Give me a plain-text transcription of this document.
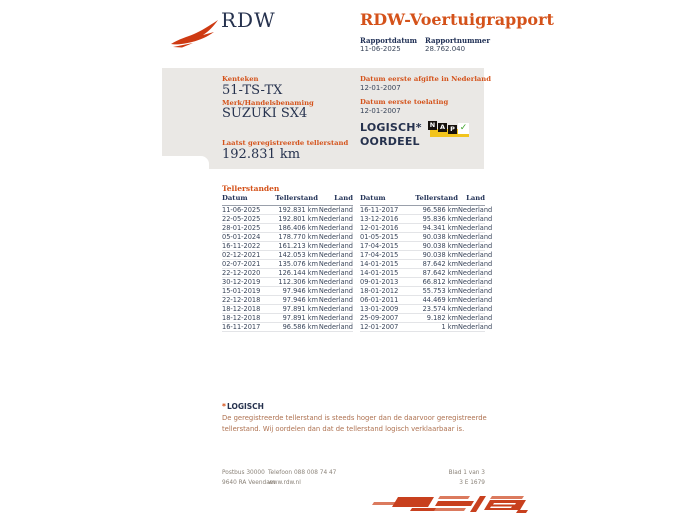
RDW	RDW-Voertuigrapport
Rapportdatum Rapportnummer
11-06-2025	28.762.040
Kenteken
51-TS-TX
Merk/Handelsbenaming
SUZUKI SX4
Laatst geregistreerde tellerstand
192.831 km
Datum eerste afgifte in Nederland
12-01-2007
Datum eerste toelating
12-01-2007
LOGISCH*
OORDEEL
N A P ✓
Tellerstanden
Datum	Tellerstand	Land
11-06-2025	192.831 km	Nederland
22-05-2025	192.801 km	Nederland
28-01-2025	186.406 km	Nederland
05-01-2024	178.770 km	Nederland
16-11-2022	161.213 km	Nederland
02-12-2021	142.053 km	Nederland
02-07-2021	135.076 km	Nederland
22-12-2020	126.144 km	Nederland
30-12-2019	112.306 km	Nederland
15-01-2019	97.946 km	Nederland
22-12-2018	97.946 km	Nederland
18-12-2018	97.891 km	Nederland
18-12-2018	97.891 km	Nederland
16-11-2017	96.586 km	Nederland
Datum	Tellerstand	Land
16-11-2017	96.586 km	Nederland
13-12-2016	95.836 km	Nederland
12-01-2016	94.341 km	Nederland
01-05-2015	90.038 km	Nederland
17-04-2015	90.038 km	Nederland
17-04-2015	90.038 km	Nederland
14-01-2015	87.642 km	Nederland
14-01-2015	87.642 km	Nederland
09-01-2013	66.812 km	Nederland
18-01-2012	55.753 km	Nederland
06-01-2011	44.469 km	Nederland
13-01-2009	23.574 km	Nederland
25-09-2007	9.182 km	Nederland
12-01-2007	1 km	Nederland
*LOGISCH
De geregistreerde tellerstand is steeds hoger dan de daarvoor geregistreerde tellerstand. Wij oordelen dan dat de tellerstand logisch verklaarbaar is.
Postbus 30000
9640 RA Veendam
Telefoon 088 008 74 47
www.rdw.nl
Blad 1 van 3
3 E 1679
